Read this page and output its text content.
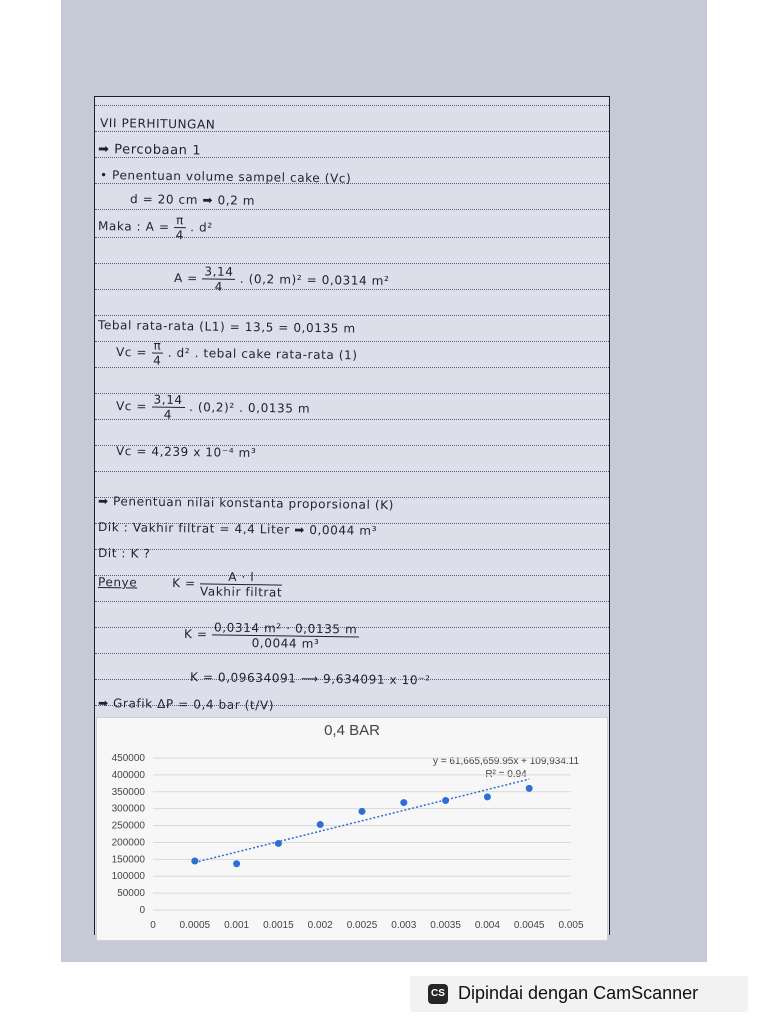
VII PERHITUNGAN
➡ Percobaan 1
• Penentuan volume sampel cake (Vc)
d = 20 cm ➡ 0,2 m
Maka : $A = \frac{\pi}{4}$ . d²
$A = \frac{3,14}{4}$ . (0,2 m)² = 0,0314 m²
Tebal rata-rata (L1) = 13,5 = 0,0135 m
$Vc = \frac{\pi}{4}$ . d² . tebal cake rata-rata (1)
$Vc = \frac{3,14}{4}$ . (0,2)² . 0,0135 m
Vc = 4,239 x 10⁻⁴ m³
➡ Penentuan nilai konstanta proporsional (K)
Dik : Vakhir filtrat = 4,4 Liter ➡ 0,0044 m³
Dit : K ?
Penye	$K = \frac{A \cdot l}{\text{Vakhir filtrat}}$
$K = \frac{\text{0,0314 m² · 0,0135 m}}{\text{0,0044 m³}}$
K = 0,09634091 ⟶ 9,634091 x 10⁻²
➡ Grafik ΔP = 0,4 bar (t/V)
0,4 BAR
y = 61,665,659.95x + 109,934.11
R² = 0.94
0
50000
100000
150000
200000
250000
300000
350000
400000
450000
0 0.0005 0.001 0.0015 0.002 0.0025 0.003 0.0035 0.004 0.0045 0.005
CS Dipindai dengan CamScanner
